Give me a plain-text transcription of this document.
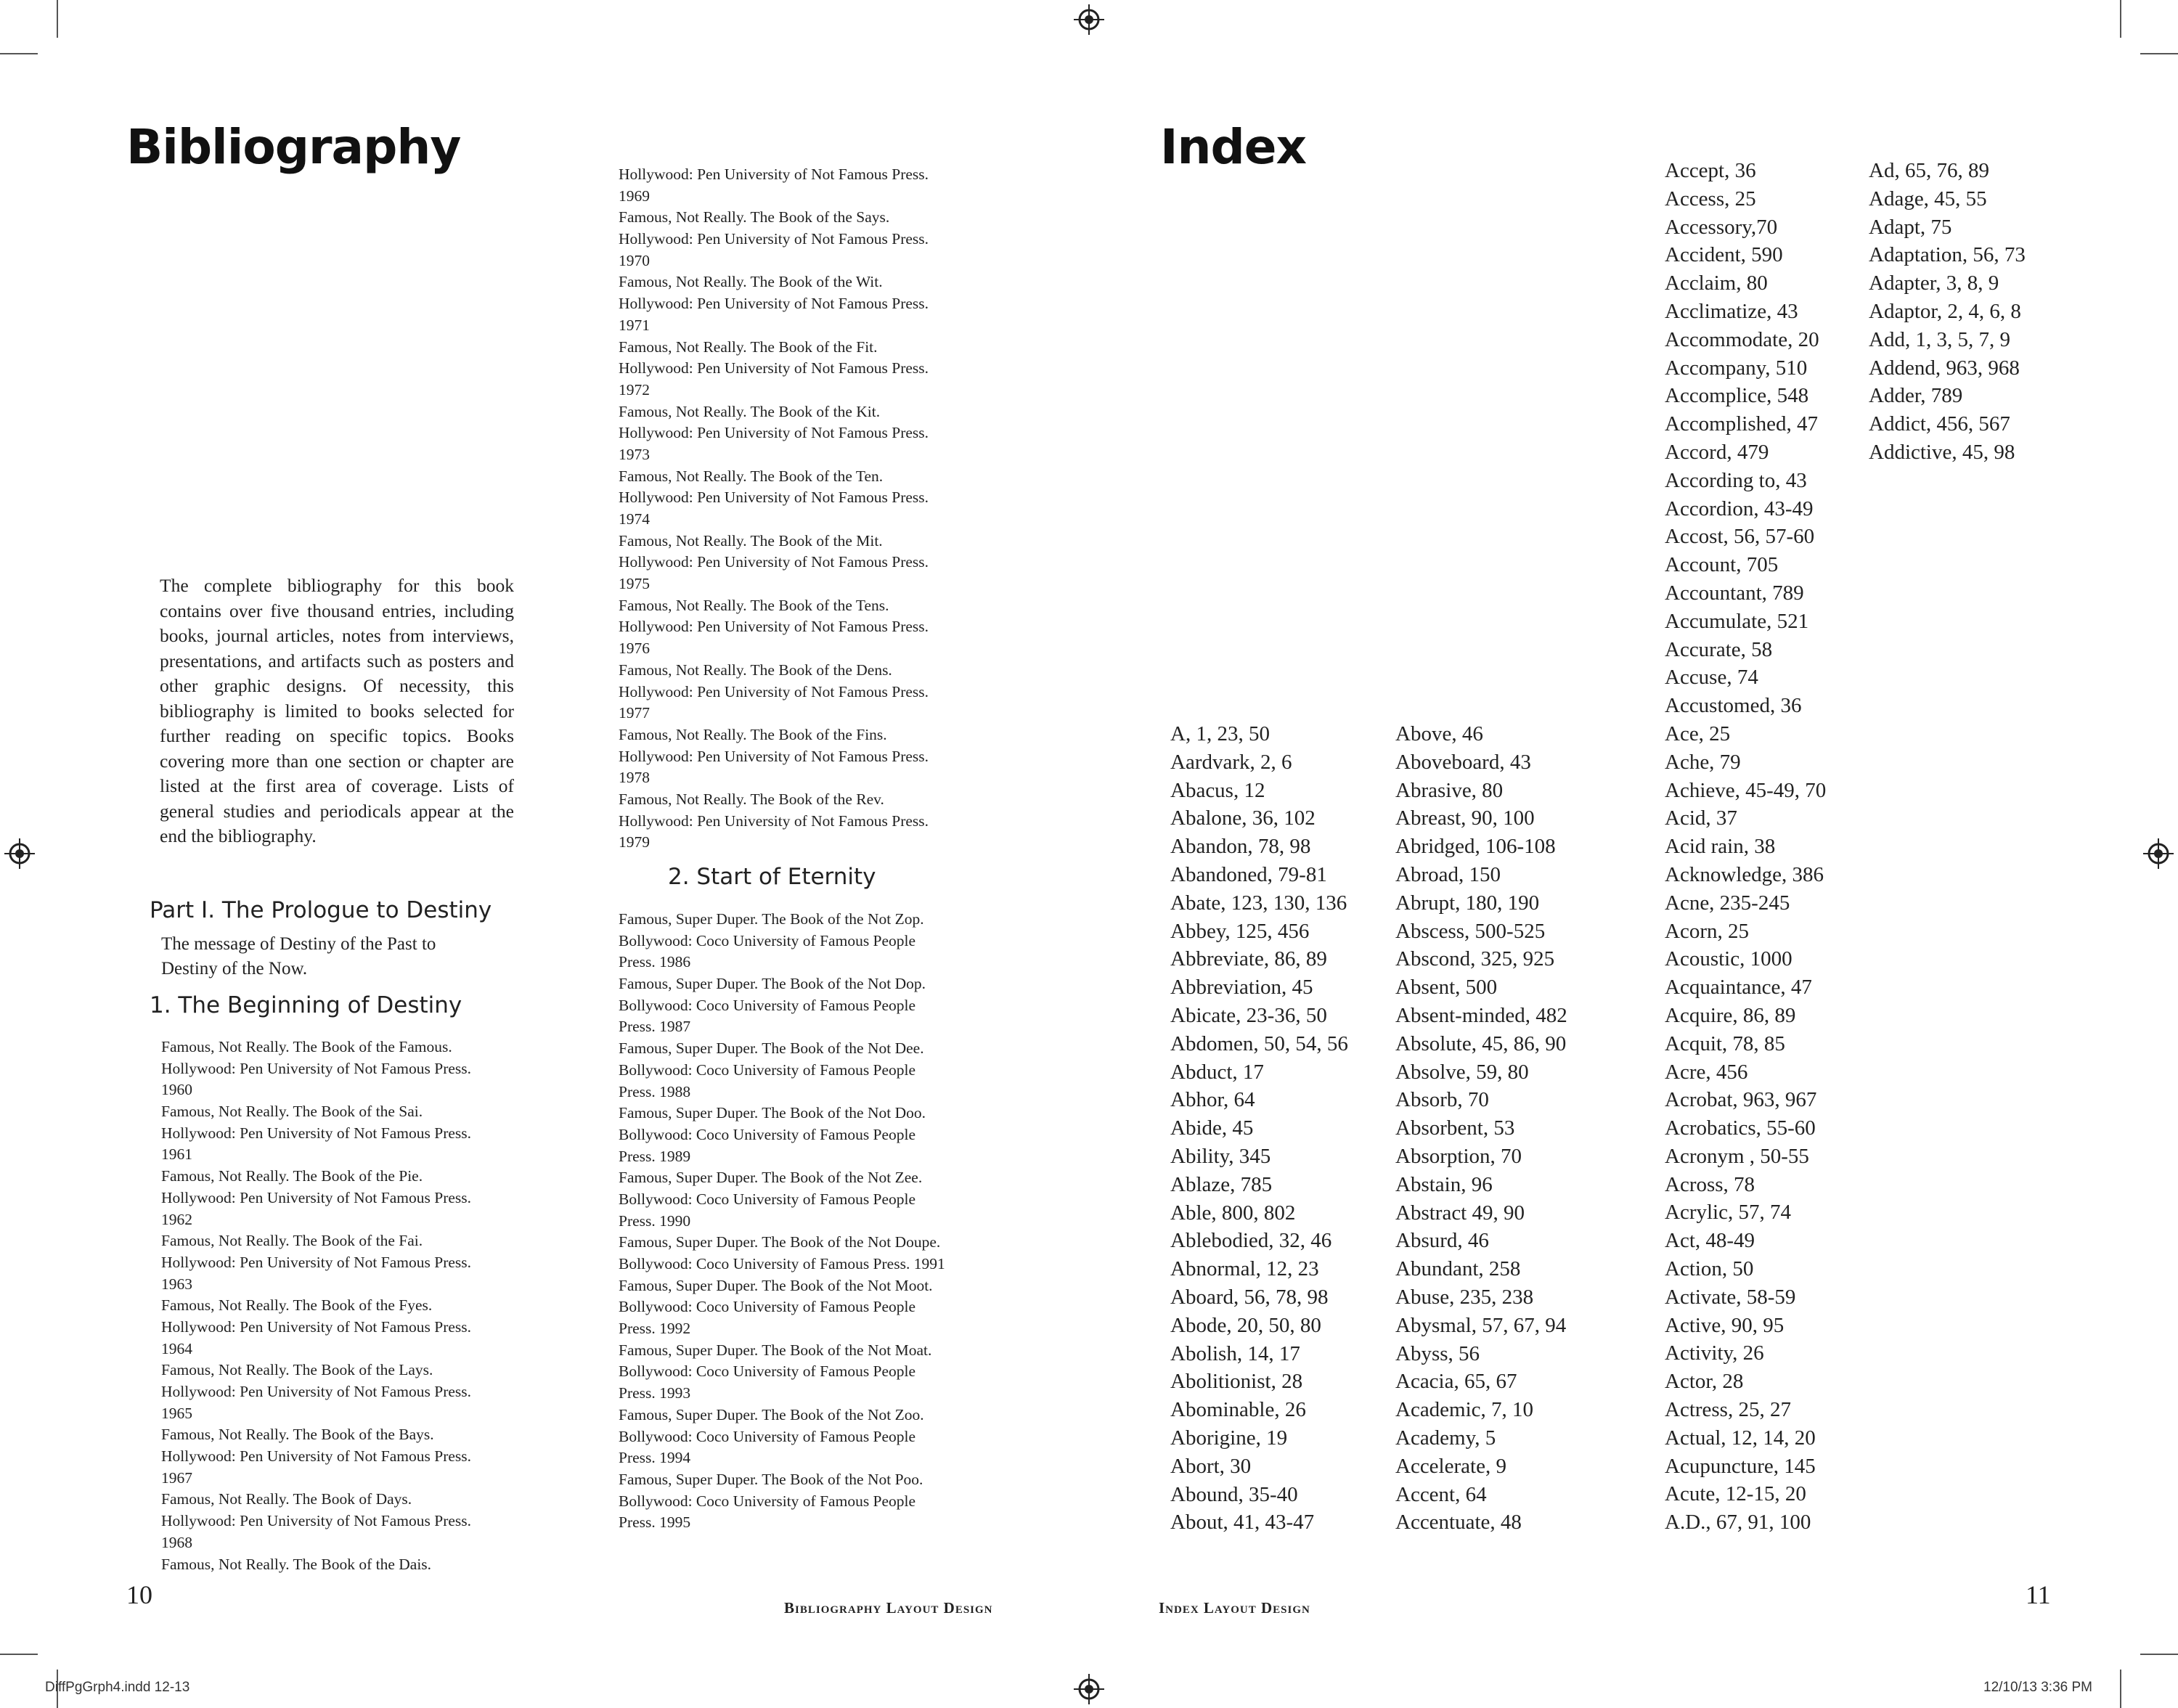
Bibliography
The complete bibliography for this book contains over five thousand entries, including books, journal articles, notes from interviews, presentations, and artifacts such as posters and other graphic designs. Of necessity, this bibliography is limited to books selected for further reading on specific topics. Books covering more than one section or chapter are listed at the first area of coverage. Lists of general studies and periodicals appear at the end the bibliography.
Part I. The Prologue to Destiny
The message of Destiny of the Past to
Destiny of the Now.
1. The Beginning of Destiny
Famous, Not Really. The Book of the Famous.
Hollywood: Pen University of Not Famous Press.
1960
Famous, Not Really. The Book of the Sai.
Hollywood: Pen University of Not Famous Press.
1961
Famous, Not Really. The Book of the Pie.
Hollywood: Pen University of Not Famous Press.
1962
Famous, Not Really. The Book of the Fai.
Hollywood: Pen University of Not Famous Press.
1963
Famous, Not Really. The Book of the Fyes.
Hollywood: Pen University of Not Famous Press.
1964
Famous, Not Really. The Book of the Lays.
Hollywood: Pen University of Not Famous Press.
1965
Famous, Not Really. The Book of the Bays.
Hollywood: Pen University of Not Famous Press.
1967
Famous, Not Really. The Book of Days.
Hollywood: Pen University of Not Famous Press.
1968
Famous, Not Really. The Book of the Dais.
Hollywood: Pen University of Not Famous Press.
1969
Famous, Not Really. The Book of the Says.
Hollywood: Pen University of Not Famous Press.
1970
Famous, Not Really. The Book of the Wit.
Hollywood: Pen University of Not Famous Press.
1971
Famous, Not Really. The Book of the Fit.
Hollywood: Pen University of Not Famous Press.
1972
Famous, Not Really. The Book of the Kit.
Hollywood: Pen University of Not Famous Press.
1973
Famous, Not Really. The Book of the Ten.
Hollywood: Pen University of Not Famous Press.
1974
Famous, Not Really. The Book of the Mit.
Hollywood: Pen University of Not Famous Press.
1975
Famous, Not Really. The Book of the Tens.
Hollywood: Pen University of Not Famous Press.
1976
Famous, Not Really. The Book of the Dens.
Hollywood: Pen University of Not Famous Press.
1977
Famous, Not Really. The Book of the Fins.
Hollywood: Pen University of Not Famous Press.
1978
Famous, Not Really. The Book of the Rev.
Hollywood: Pen University of Not Famous Press.
1979
2. Start of Eternity
Famous, Super Duper. The Book of the Not Zop.
Bollywood: Coco University of Famous People
Press. 1986
Famous, Super Duper. The Book of the Not Dop.
Bollywood: Coco University of Famous People
Press. 1987
Famous, Super Duper. The Book of the Not Dee.
Bollywood: Coco University of Famous People
Press. 1988
Famous, Super Duper. The Book of the Not Doo.
Bollywood: Coco University of Famous People
Press. 1989
Famous, Super Duper. The Book of the Not Zee.
Bollywood: Coco University of Famous People
Press. 1990
Famous, Super Duper. The Book of the Not Doupe.
Bollywood: Coco University of Famous Press. 1991
Famous, Super Duper. The Book of the Not Moot.
Bollywood: Coco University of Famous People
Press. 1992
Famous, Super Duper. The Book of the Not Moat.
Bollywood: Coco University of Famous People
Press. 1993
Famous, Super Duper. The Book of the Not Zoo.
Bollywood: Coco University of Famous People
Press. 1994
Famous, Super Duper. The Book of the Not Poo.
Bollywood: Coco University of Famous People
Press. 1995
10	Bibliography Layout Design
Index
A, 1, 23, 50
Aardvark, 2, 6
Abacus, 12
Abalone, 36, 102
Abandon, 78, 98
Abandoned, 79-81
Abate, 123, 130, 136
Abbey, 125, 456
Abbreviate, 86, 89
Abbreviation, 45
Abicate, 23-36, 50
Abdomen, 50, 54, 56
Abduct, 17
Abhor, 64
Abide, 45
Ability, 345
Ablaze, 785
Able, 800, 802
Ablebodied, 32, 46
Abnormal, 12, 23
Aboard, 56, 78, 98
Abode, 20, 50, 80
Abolish, 14, 17
Abolitionist, 28
Abominable, 26
Aborigine, 19
Abort, 30
Abound, 35-40
About, 41, 43-47
Above, 46
Aboveboard, 43
Abrasive, 80
Abreast, 90, 100
Abridged, 106-108
Abroad, 150
Abrupt, 180, 190
Abscess, 500-525
Abscond, 325, 925
Absent, 500
Absent-minded, 482
Absolute, 45, 86, 90
Absolve, 59, 80
Absorb, 70
Absorbent, 53
Absorption, 70
Abstain, 96
Abstract 49, 90
Absurd, 46
Abundant, 258
Abuse, 235, 238
Abysmal, 57, 67, 94
Abyss, 56
Acacia, 65, 67
Academic, 7, 10
Academy, 5
Accelerate, 9
Accent, 64
Accentuate, 48
Accept, 36
Access, 25
Accessory,70
Accident, 590
Acclaim, 80
Acclimatize, 43
Accommodate, 20
Accompany, 510
Accomplice, 548
Accomplished, 47
Accord, 479
According to, 43
Accordion, 43-49
Accost, 56, 57-60
Account, 705
Accountant, 789
Accumulate, 521
Accurate, 58
Accuse, 74
Accustomed, 36
Ace, 25
Ache, 79
Achieve, 45-49, 70
Acid, 37
Acid rain, 38
Acknowledge, 386
Acne, 235-245
Acorn, 25
Acoustic, 1000
Acquaintance, 47
Acquire, 86, 89
Acquit, 78, 85
Acre, 456
Acrobat, 963, 967
Acrobatics, 55-60
Acronym , 50-55
Across, 78
Acrylic, 57, 74
Act, 48-49
Action, 50
Activate, 58-59
Active, 90, 95
Activity, 26
Actor, 28
Actress, 25, 27
Actual, 12, 14, 20
Acupuncture, 145
Acute, 12-15, 20
A.D., 67, 91, 100
Ad, 65, 76, 89
Adage, 45, 55
Adapt, 75
Adaptation, 56, 73
Adapter, 3, 8, 9
Adaptor, 2, 4, 6, 8
Add, 1, 3, 5, 7, 9
Addend, 963, 968
Adder, 789
Addict, 456, 567
Addictive, 45, 98
11
Index Layout Design
DiffPgGrph4.indd 12-13	12/10/13 3:36 PM
